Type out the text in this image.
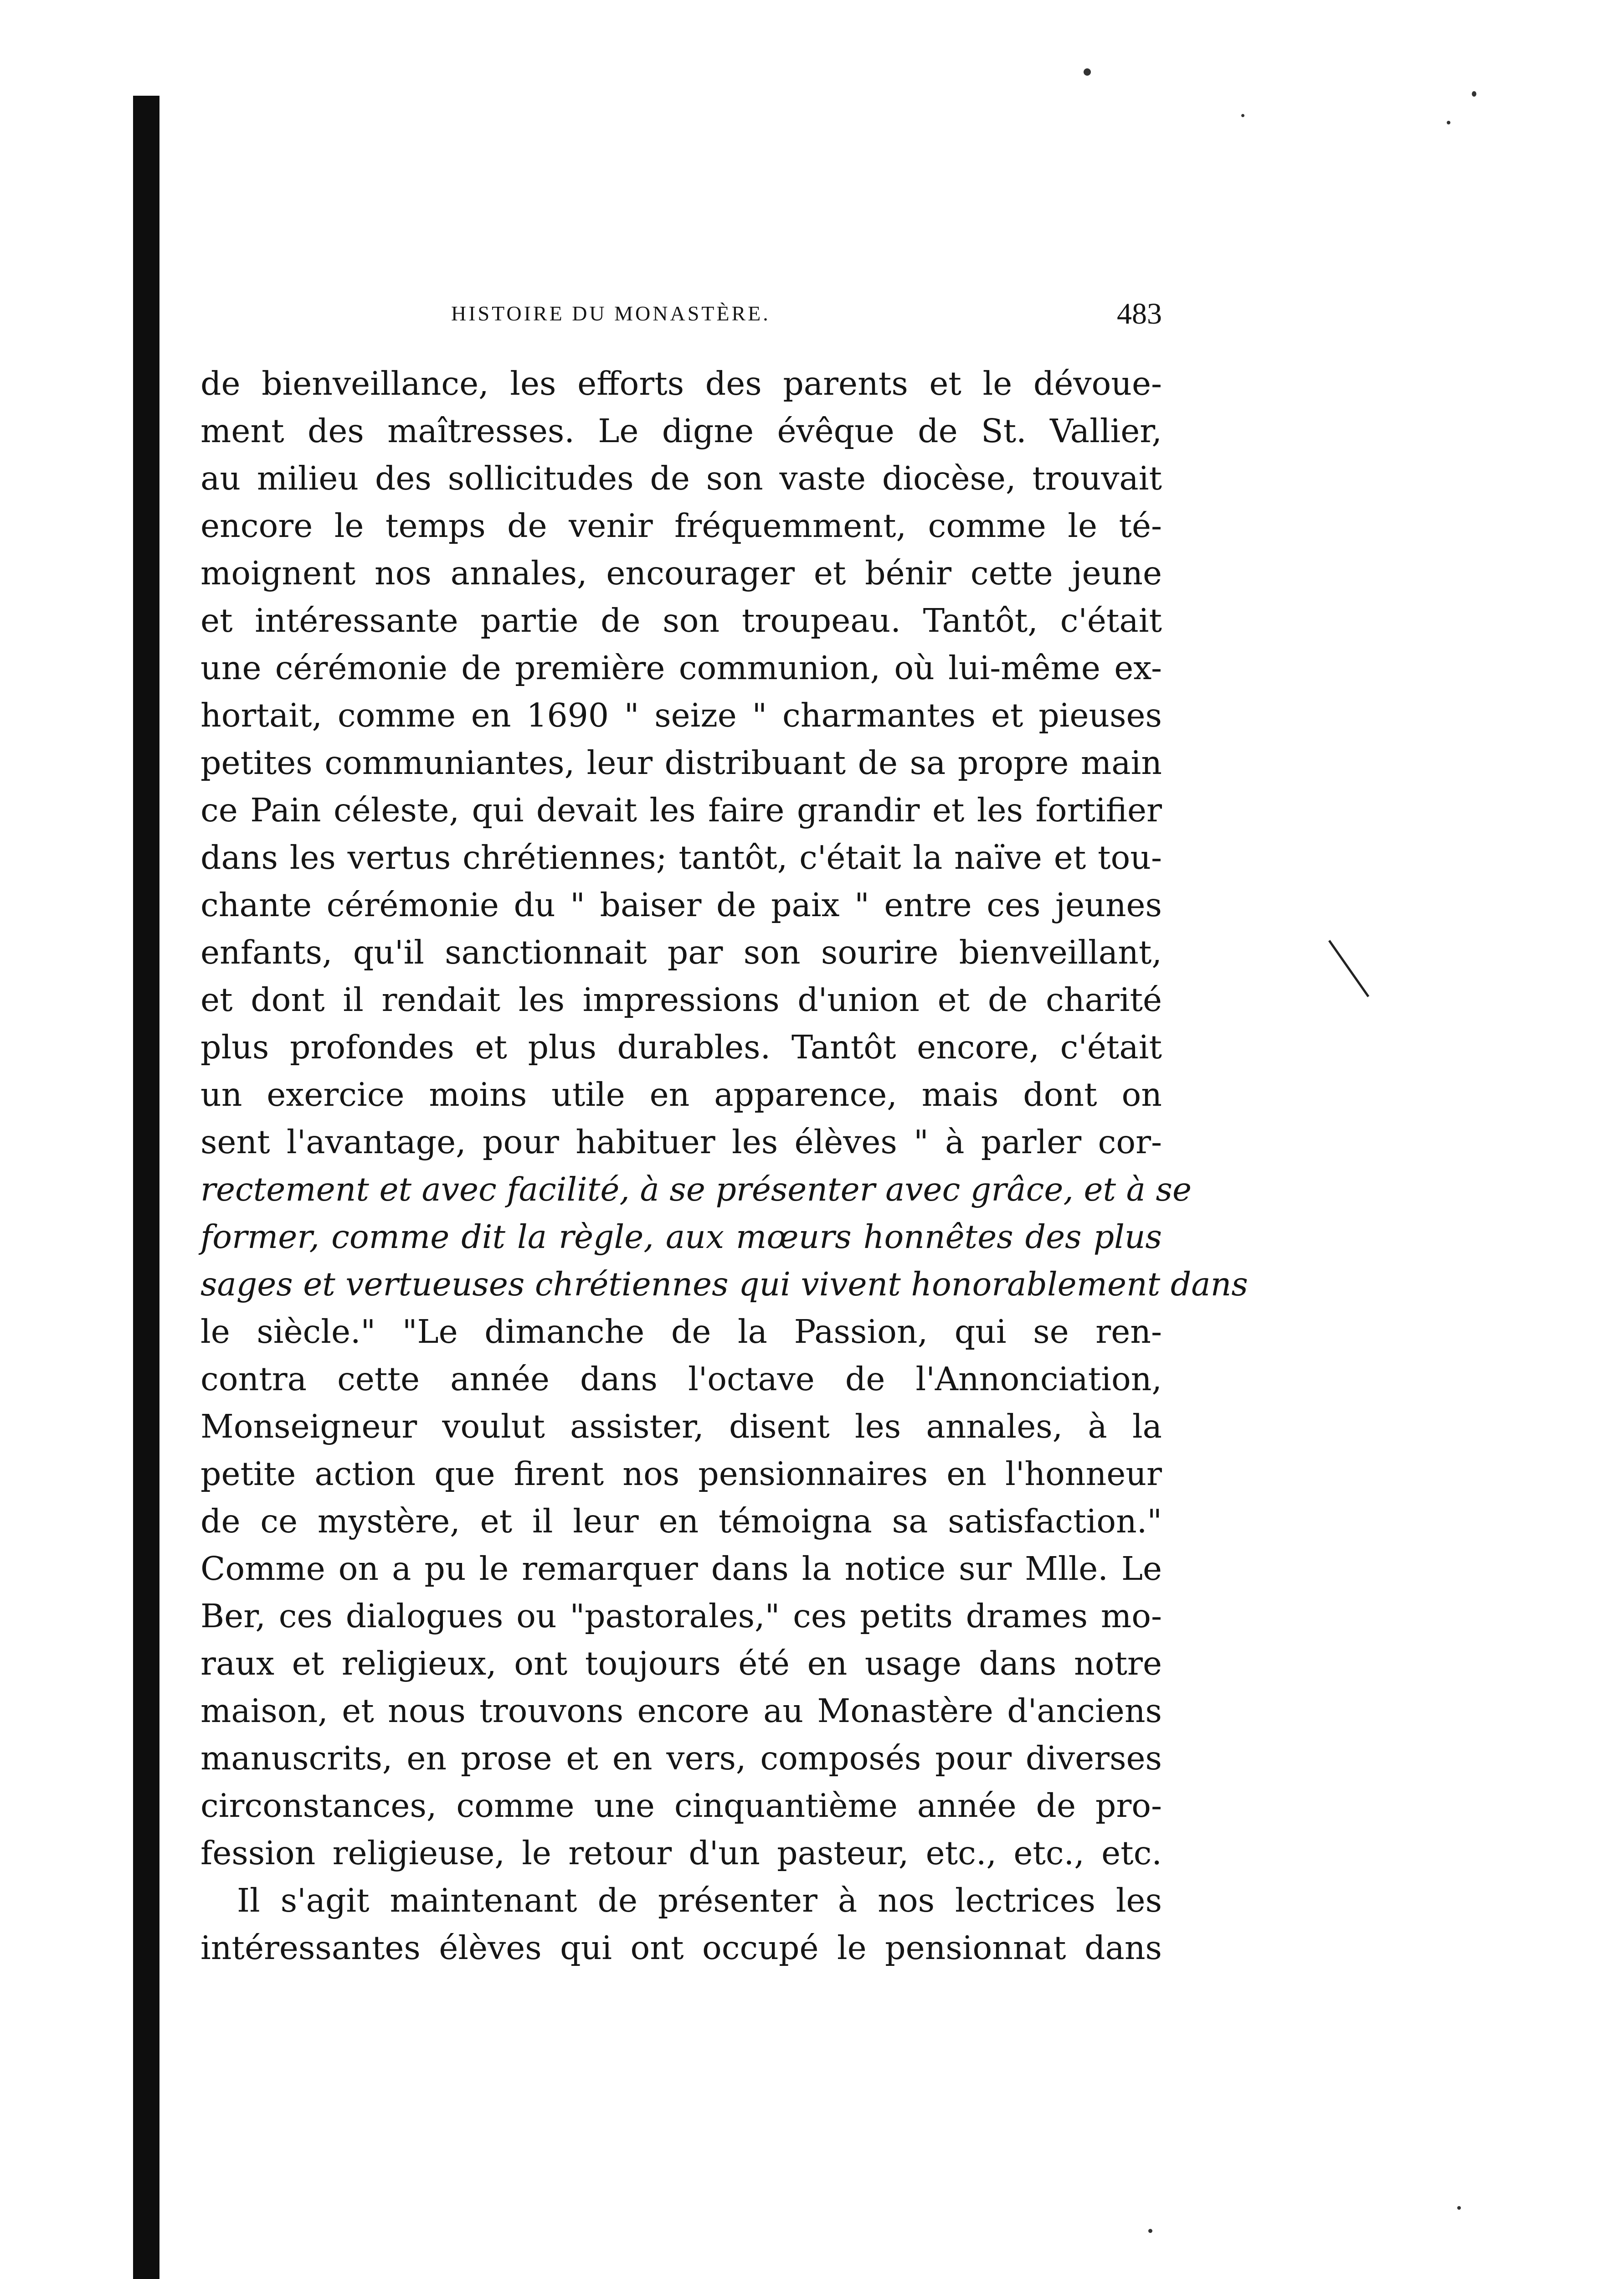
HISTOIRE DU MONASTÈRE.	483
de bienveillance, les efforts des parents et le dévoue-
ment des maîtresses. Le digne évêque de St. Vallier,
au milieu des sollicitudes de son vaste diocèse, trouvait
encore le temps de venir fréquemment, comme le té-
moignent nos annales, encourager et bénir cette jeune
et intéressante partie de son troupeau. Tantôt, c'était
une cérémonie de première communion, où lui-même ex-
hortait, comme en 1690 " seize " charmantes et pieuses
petites communiantes, leur distribuant de sa propre main
ce Pain céleste, qui devait les faire grandir et les fortifier
dans les vertus chrétiennes; tantôt, c'était la naïve et tou-
chante cérémonie du " baiser de paix " entre ces jeunes
enfants, qu'il sanctionnait par son sourire bienveillant,
et dont il rendait les impressions d'union et de charité
plus profondes et plus durables. Tantôt encore, c'était
un exercice moins utile en apparence, mais dont on
sent l'avantage, pour habituer les élèves " à parler cor-
rectement et avec facilité, à se présenter avec grâce, et à se
former, comme dit la règle, aux mœurs honnêtes des plus
sages et vertueuses chrétiennes qui vivent honorablement dans
le siècle." "Le dimanche de la Passion, qui se ren-
contra cette année dans l'octave de l'Annonciation,
Monseigneur voulut assister, disent les annales, à la
petite action que firent nos pensionnaires en l'honneur
de ce mystère, et il leur en témoigna sa satisfaction."
Comme on a pu le remarquer dans la notice sur Mlle. Le
Ber, ces dialogues ou "pastorales," ces petits drames mo-
raux et religieux, ont toujours été en usage dans notre
maison, et nous trouvons encore au Monastère d'anciens
manuscrits, en prose et en vers, composés pour diverses
circonstances, comme une cinquantième année de pro-
fession religieuse, le retour d'un pasteur, etc., etc., etc.
Il s'agit maintenant de présenter à nos lectrices les
intéressantes élèves qui ont occupé le pensionnat dans
